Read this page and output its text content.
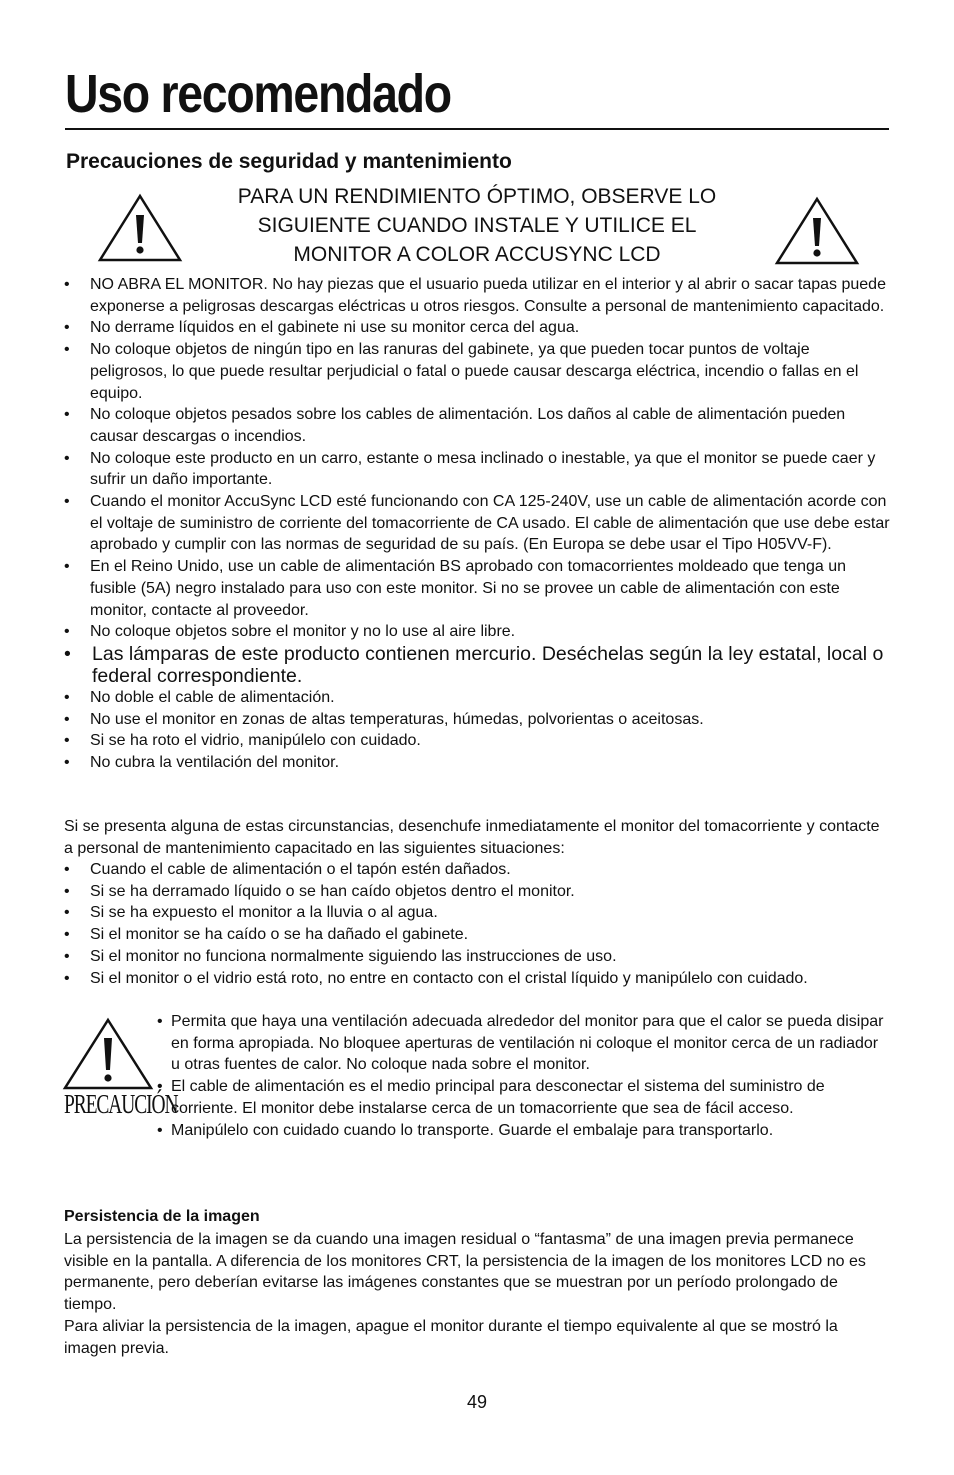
Uso recomendado
Precauciones de seguridad y mantenimiento

PARA UN RENDIMIENTO ÓPTIMO, OBSERVE LO
SIGUIENTE CUANDO INSTALE Y UTILICE EL
MONITOR A COLOR ACCUSYNC LCD

• NO ABRA EL MONITOR. No hay piezas que el usuario pueda utilizar en el interior y al abrir o sacar tapas puede exponerse a peligrosas descargas eléctricas u otros riesgos. Consulte a personal de mantenimiento capacitado.
• No derrame líquidos en el gabinete ni use su monitor cerca del agua.
• No coloque objetos de ningún tipo en las ranuras del gabinete, ya que pueden tocar puntos de voltaje peligrosos, lo que puede resultar perjudicial o fatal o puede causar descarga eléctrica, incendio o fallas en el equipo.
• No coloque objetos pesados sobre los cables de alimentación. Los daños al cable de alimentación pueden causar descargas o incendios.
• No coloque este producto en un carro, estante o mesa inclinado o inestable, ya que el monitor se puede caer y sufrir un daño importante.
• Cuando el monitor AccuSync LCD esté funcionando con CA 125-240V, use un cable de alimentación acorde con el voltaje de suministro de corriente del tomacorriente de CA usado. El cable de alimentación que use debe estar aprobado y cumplir con las normas de seguridad de su país. (En Europa se debe usar el Tipo H05VV-F).
• En el Reino Unido, use un cable de alimentación BS aprobado con tomacorrientes moldeado que tenga un fusible (5A) negro instalado para uso con este monitor. Si no se provee un cable de alimentación con este monitor, contacte al proveedor.
• No coloque objetos sobre el monitor y no lo use al aire libre.
• Las lámparas de este producto contienen mercurio. Deséchelas según la ley estatal, local o federal correspondiente.
• No doble el cable de alimentación.
• No use el monitor en zonas de altas temperaturas, húmedas, polvorientas o aceitosas.
• Si se ha roto el vidrio, manipúlelo con cuidado.
• No cubra la ventilación del monitor.

Si se presenta alguna de estas circunstancias, desenchufe inmediatamente el monitor del tomacorriente y contacte a personal de mantenimiento capacitado en las siguientes situaciones:

• Cuando el cable de alimentación o el tapón estén dañados.
• Si se ha derramado líquido o se han caído objetos dentro el monitor.
• Si se ha expuesto el monitor a la lluvia o al agua.
• Si el monitor se ha caído o se ha dañado el gabinete.
• Si el monitor no funciona normalmente siguiendo las instrucciones de uso.
• Si el monitor o el vidrio está roto, no entre en contacto con el cristal líquido y manipúlelo con cuidado.

PRECAUCIÓN

• Permita que haya una ventilación adecuada alrededor del monitor para que el calor se pueda disipar en forma apropiada. No bloquee aperturas de ventilación ni coloque el monitor cerca de un radiador u otras fuentes de calor. No coloque nada sobre el monitor.
• El cable de alimentación es el medio principal para desconectar el sistema del suministro de corriente. El monitor debe instalarse cerca de un tomacorriente que sea de fácil acceso.
• Manipúlelo con cuidado cuando lo transporte. Guarde el embalaje para transportarlo.
Persistencia de la imagen

La persistencia de la imagen se da cuando una imagen residual o “fantasma” de una imagen previa permanece visible en la pantalla. A diferencia de los monitores CRT, la persistencia de la imagen de los monitores LCD no es permanente, pero deberían evitarse las imágenes constantes que se muestran por un período prolongado de tiempo.

Para aliviar la persistencia de la imagen, apague el monitor durante el tiempo equivalente al que se mostró la imagen previa.

49
